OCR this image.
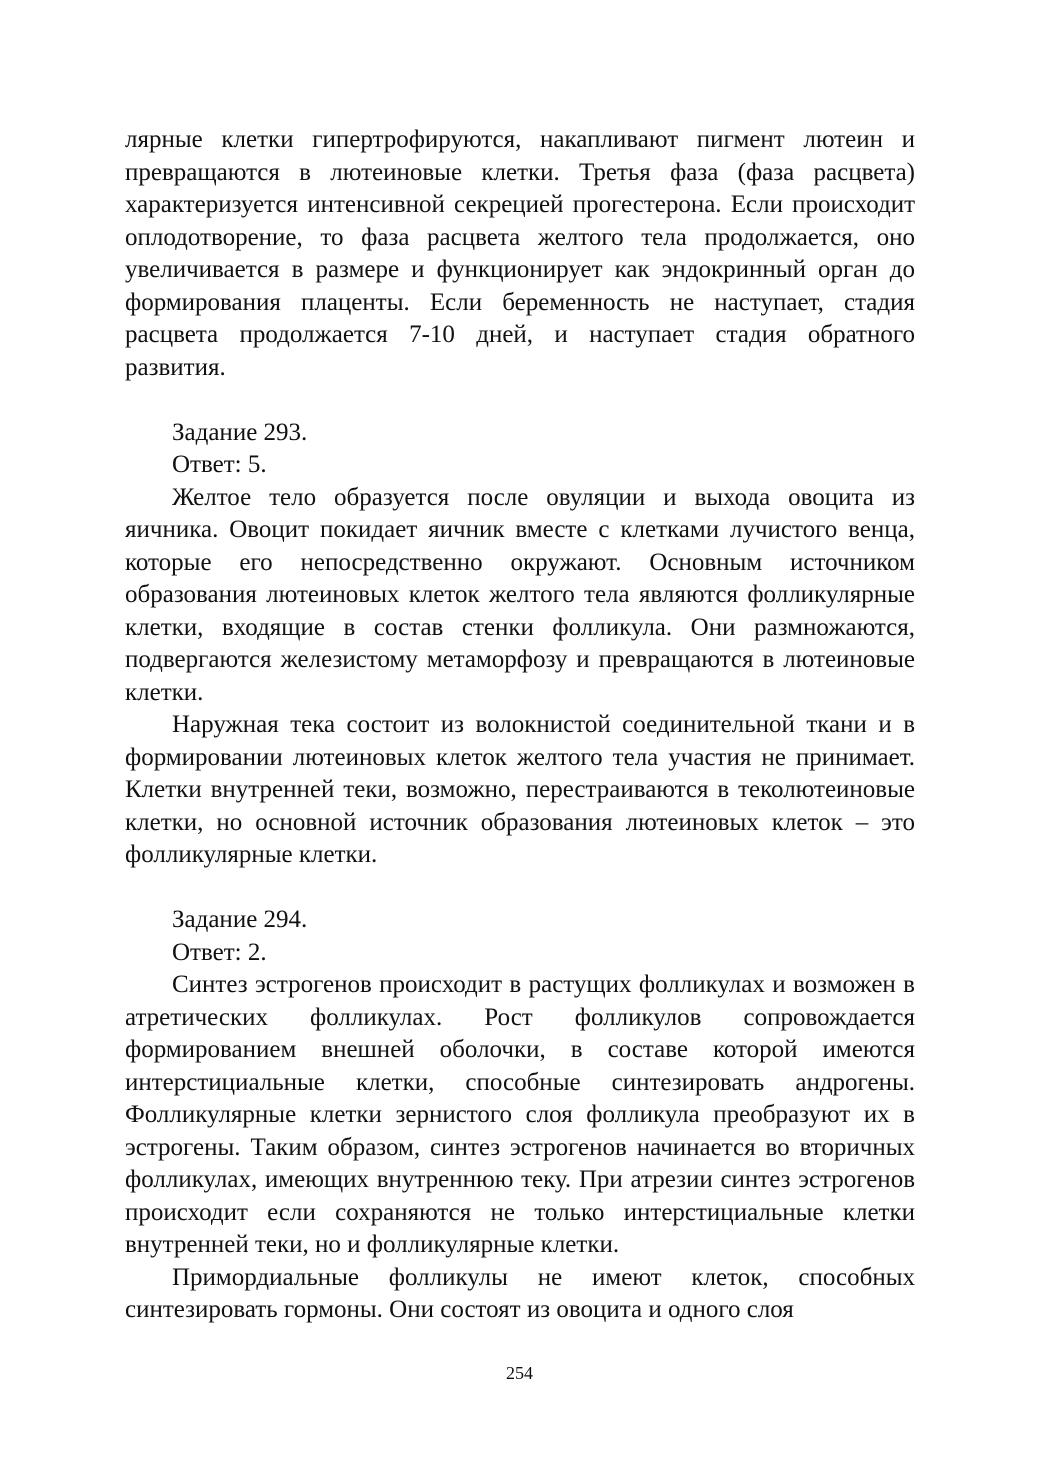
лярные клетки гипертрофируются, накапливают пигмент лютеин и превращаются в лютеиновые клетки. Третья фаза (фаза расцвета) характеризуется интенсивной секрецией прогестерона. Если происходит оплодотворение, то фаза расцвета желтого тела продолжается, оно увеличивается в размере и функционирует как эндокринный орган до формирования плаценты. Если беременность не наступает, стадия расцвета продолжается 7-10 дней, и наступает стадия обратного развития.

Задание 293.

Ответ: 5.

Желтое тело образуется после овуляции и выхода овоцита из яичника. Овоцит покидает яичник вместе с клетками лучистого венца, которые его непосредственно окружают. Основным источником образования лютеиновых клеток желтого тела являются фолликулярные клетки, входящие в состав стенки фолликула. Они размножаются, подвергаются железистому метаморфозу и превращаются в лютеиновые клетки.

Наружная тека состоит из волокнистой соединительной ткани и в формировании лютеиновых клеток желтого тела участия не принимает. Клетки внутренней теки, возможно, перестраиваются в теколютеиновые клетки, но основной источник образования лютеиновых клеток – это фолликулярные клетки.

Задание 294.

Ответ: 2.

Синтез эстрогенов происходит в растущих фолликулах и возможен в атретических фолликулах. Рост фолликулов сопровождается формированием внешней оболочки, в составе которой имеются интерстициальные клетки, способные синтезировать андрогены. Фолликулярные клетки зернистого слоя фолликула преобразуют их в эстрогены. Таким образом, синтез эстрогенов начинается во вторичных фолликулах, имеющих внутреннюю теку. При атрезии синтез эстрогенов происходит если сохраняются не только интерстициальные клетки внутренней теки, но и фолликулярные клетки.

Примордиальные фолликулы не имеют клеток, способных синтезировать гормоны. Они состоят из овоцита и одного слоя

254
